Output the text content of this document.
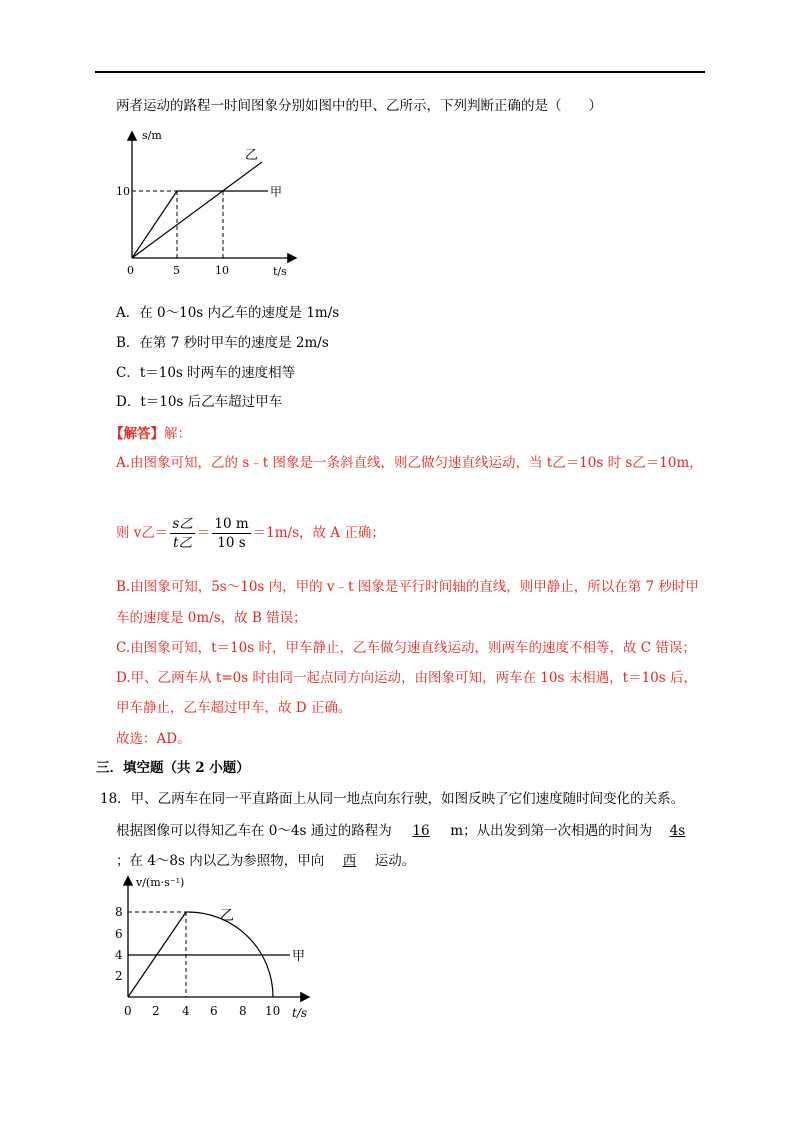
两者运动的路程一时间图象分别如图中的甲、乙所示，下列判断正确的是（　　）
s/m
t/s
10
0	5	10
甲
乙
A．在 0～10s 内乙车的速度是 1m/s
B．在第 7 秒时甲车的速度是 2m/s
C．t＝10s 时两车的速度相等
D．t＝10s 后乙车超过甲车
【解答】解：
A.由图象可知，乙的 s﹣t 图象是一条斜直线，则乙做匀速直线运动，当 t乙＝10s 时 s乙＝10m，
则 v乙＝ $\frac{\text{s乙}}{\text{t乙}} = \frac{10 m}{10 s} =1m/s$，故 A 正确；
B.由图象可知，5s～10s 内，甲的 v﹣t 图象是平行时间轴的直线，则甲静止，所以在第 7 秒时甲
车的速度是 0m/s，故 B 错误；
C.由图象可知，t＝10s 时，甲车静止，乙车做匀速直线运动，则两车的速度不相等，故 C 错误；
D.甲、乙两车从 t=0s 时由同一起点同方向运动，由图象可知，两车在 10s 末相遇，t＝10s 后，
甲车静止，乙车超过甲车，故 D 正确。
故选：AD。
三．填空题（共 2 小题）
18．甲、乙两车在同一平直路面上从同一地点向东行驶，如图反映了它们速度随时间变化的关系。
根据图像可以得知乙车在 0～4s 通过的路程为 16 m；从出发到第一次相遇的时间为 4s
；在 4～8s 内以乙为参照物，甲向 西 运动。
v/(m·s⁻¹)
t/s
8
6
4
2
0 2 4 6 8 10
甲
乙
